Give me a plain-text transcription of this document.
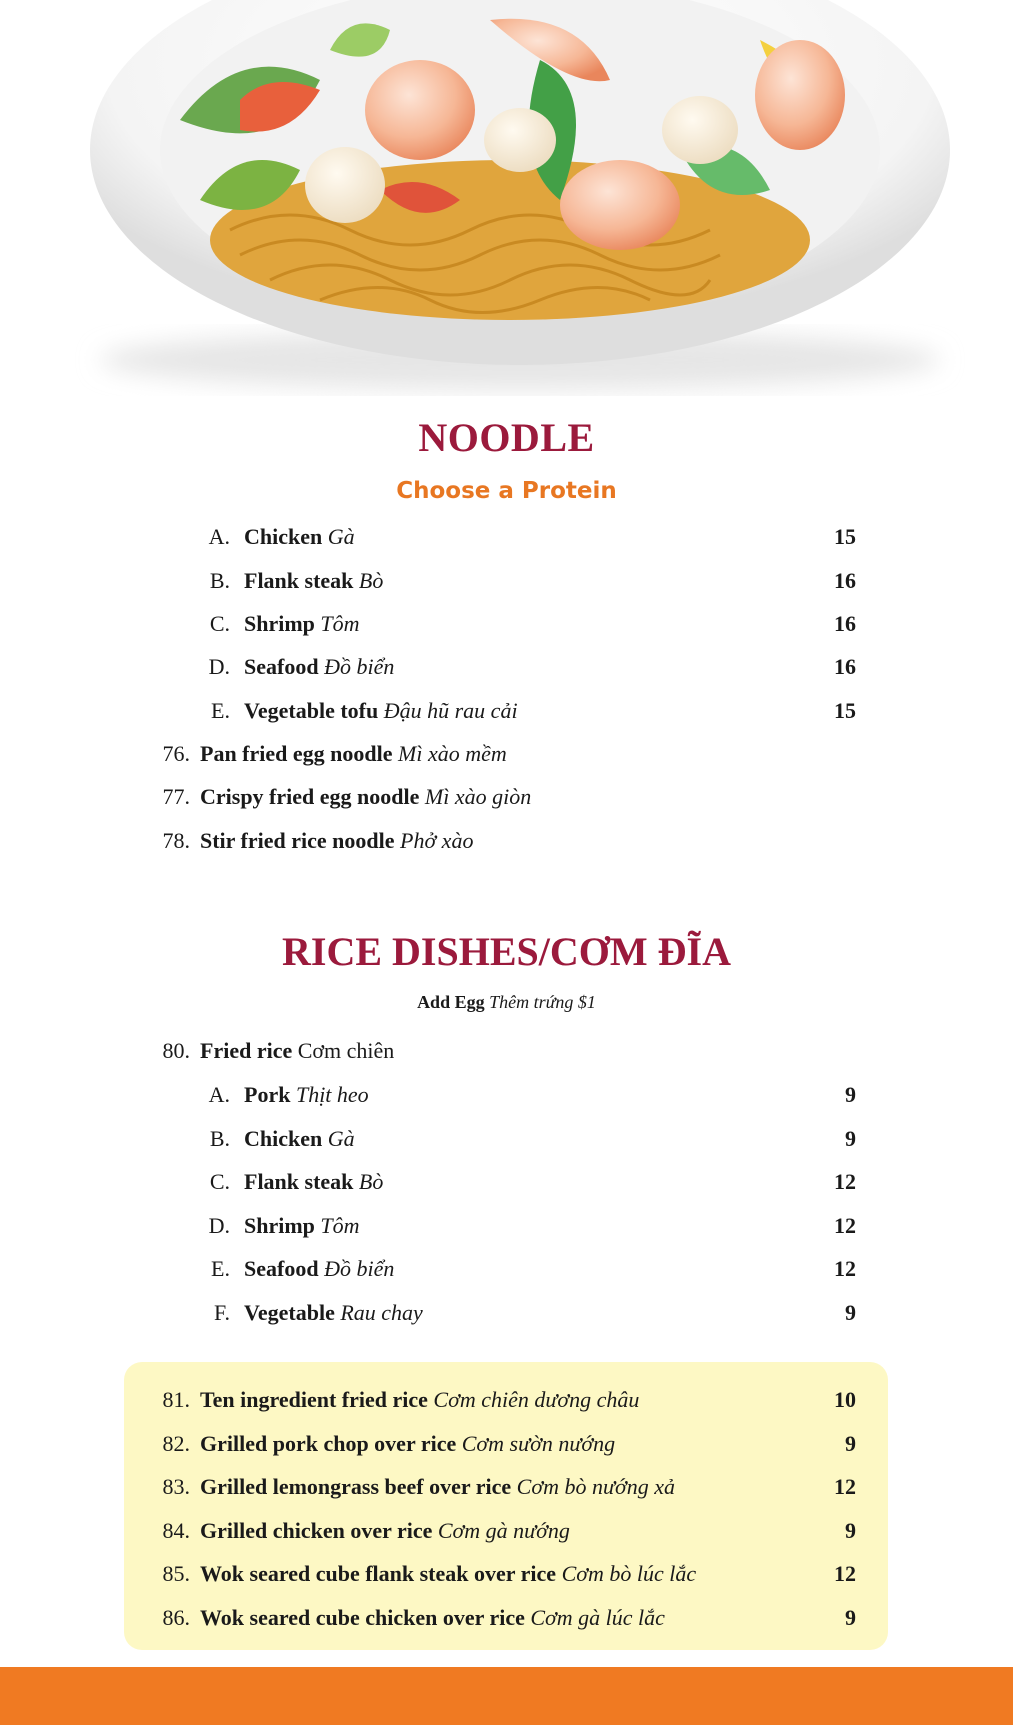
NOODLE
Choose a Protein
A. Chicken Gà	15
B. Flank steak Bò	16
C. Shrimp Tôm	16
D. Seafood Đồ biển	16
E. Vegetable tofu Đậu hũ rau cải	15
76. Pan fried egg noodle Mì xào mềm
77. Crispy fried egg noodle Mì xào giòn
78. Stir fried rice noodle Phở xào
RICE DISHES/CƠM ĐĨA
Add Egg Thêm trứng $1
80. Fried rice Cơm chiên
A. Pork Thịt heo	9
B. Chicken Gà	9
C. Flank steak Bò	12
D. Shrimp Tôm	12
E. Seafood Đồ biển	12
F. Vegetable Rau chay	9
81. Ten ingredient fried rice Cơm chiên dương châu	10
82. Grilled pork chop over rice Cơm sườn nướng	9
83. Grilled lemongrass beef over rice Cơm bò nướng xả	12
84. Grilled chicken over rice Cơm gà nướng	9
85. Wok seared cube flank steak over rice Cơm bò lúc lắc	12
86. Wok seared cube chicken over rice Cơm gà lúc lắc	9
